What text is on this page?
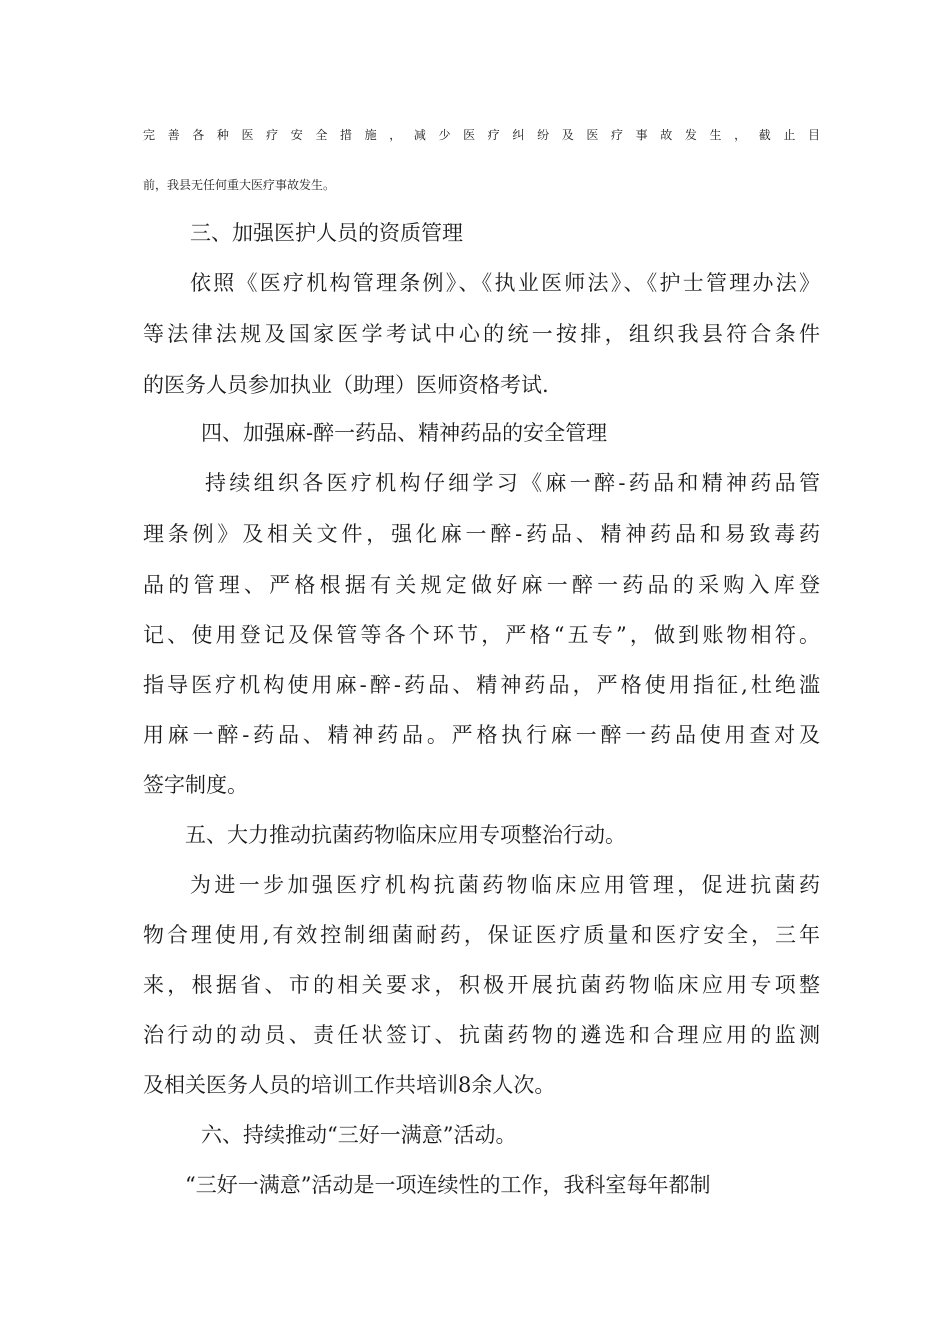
完善各种医疗安全措施，减少医疗纠纷及医疗事故发生，截止目
前，我县无任何重大医疗事故发生。
三、加强医护人员的资质管理
依照《医疗机构管理条例》、《执业医师法》、《护士管理办法》
等法律法规及国家医学考试中心的统一按排，组织我县符合条件
的医务人员参加执业（助理）医师资格考试.
四、加强麻-醉一药品、精神药品的安全管理
持续组织各医疗机构仔细学习《麻一醉-药品和精神药品管
理条例》及相关文件，强化麻一醉-药品、精神药品和易致毒药
品的管理、严格根据有关规定做好麻一醉一药品的采购入库登
记、使用登记及保管等各个环节，严格“五专”，做到账物相符。
指导医疗机构使用麻-醉-药品、精神药品，严格使用指征,杜绝滥
用麻一醉-药品、精神药品。严格执行麻一醉一药品使用查对及
签字制度。
五、大力推动抗菌药物临床应用专项整治行动。
为进一步加强医疗机构抗菌药物临床应用管理，促进抗菌药
物合理使用,有效控制细菌耐药，保证医疗质量和医疗安全，三年
来，根据省、市的相关要求，积极开展抗菌药物临床应用专项整
治行动的动员、责任状签订、抗菌药物的遴选和合理应用的监测
及相关医务人员的培训工作共培训8余人次。
六、持续推动“三好一满意”活动。
“三好一满意”活动是一项连续性的工作，我科室每年都制
